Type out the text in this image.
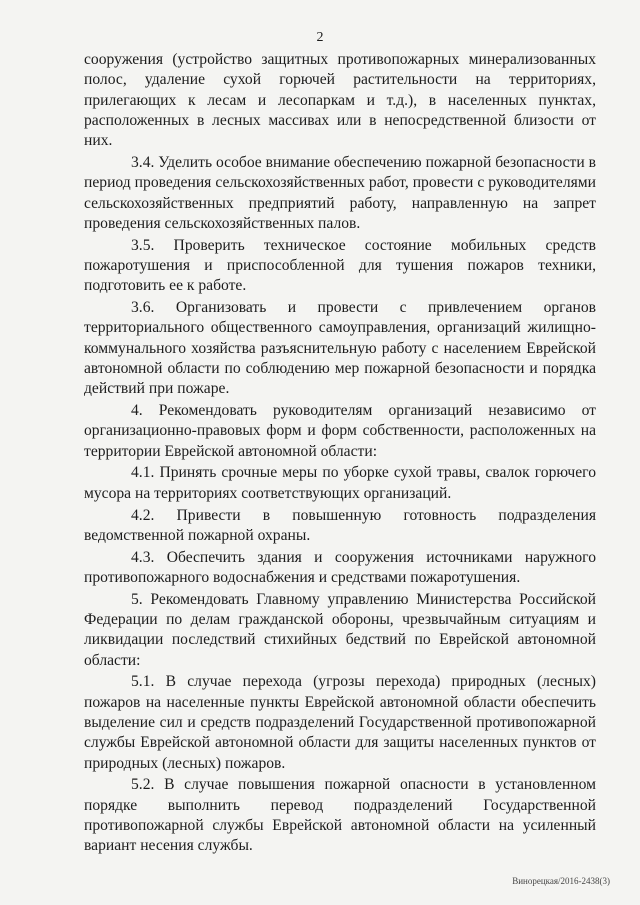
2

сооружения (устройство защитных противопожарных минерализованных полос, удаление сухой горючей растительности на территориях, прилегающих к лесам и лесопаркам и т.д.), в населенных пунктах, расположенных в лесных массивах или в непосредственной близости от них.

3.4. Уделить особое внимание обеспечению пожарной безопасности в период проведения сельскохозяйственных работ, провести с руководителями сельскохозяйственных предприятий работу, направленную на запрет проведения сельскохозяйственных палов.

3.5. Проверить техническое состояние мобильных средств пожаротушения и приспособленной для тушения пожаров техники, подготовить ее к работе.

3.6. Организовать и провести с привлечением органов территориального общественного самоуправления, организаций жилищно-коммунального хозяйства разъяснительную работу с населением Еврейской автономной области по соблюдению мер пожарной безопасности и порядка действий при пожаре.

4. Рекомендовать руководителям организаций независимо от организационно-правовых форм и форм собственности, расположенных на территории Еврейской автономной области:

4.1. Принять срочные меры по уборке сухой травы, свалок горючего мусора на территориях соответствующих организаций.

4.2. Привести в повышенную готовность подразделения ведомственной пожарной охраны.

4.3. Обеспечить здания и сооружения источниками наружного противопожарного водоснабжения и средствами пожаротушения.

5. Рекомендовать Главному управлению Министерства Российской Федерации по делам гражданской обороны, чрезвычайным ситуациям и ликвидации последствий стихийных бедствий по Еврейской автономной области:

5.1. В случае перехода (угрозы перехода) природных (лесных) пожаров на населенные пункты Еврейской автономной области обеспечить выделение сил и средств подразделений Государственной противопожарной службы Еврейской автономной области для защиты населенных пунктов от природных (лесных) пожаров.

5.2. В случае повышения пожарной опасности в установленном порядке выполнить перевод подразделений Государственной противопожарной службы Еврейской автономной области на усиленный вариант несения службы.

Винорецкая/2016-2438(3)
